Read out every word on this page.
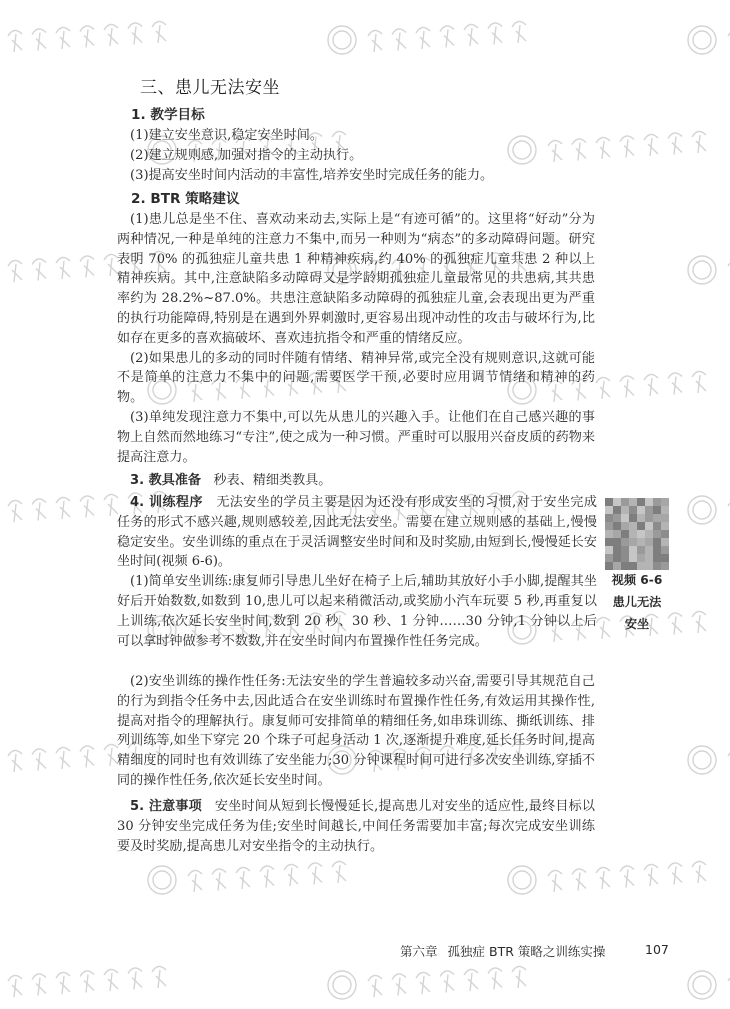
三、患儿无法安坐
1. 教学目标

(1)建立安坐意识,稳定安坐时间。

(2)建立规则感,加强对指令的主动执行。

(3)提高安坐时间内活动的丰富性,培养安坐时完成任务的能力。

2. BTR 策略建议

(1)患儿总是坐不住、喜欢动来动去,实际上是“有迹可循”的。这里将“好动”分为两种情况,一种是单纯的注意力不集中,而另一种则为“病态”的多动障碍问题。研究表明 70% 的孤独症儿童共患 1 种精神疾病,约 40% 的孤独症儿童共患 2 种以上精神疾病。其中,注意缺陷多动障碍又是学龄期孤独症儿童最常见的共患病,其共患率约为 28.2%~87.0%。共患注意缺陷多动障碍的孤独症儿童,会表现出更为严重的执行功能障碍,特别是在遇到外界刺激时,更容易出现冲动性的攻击与破坏行为,比如存在更多的喜欢搞破坏、喜欢违抗指令和严重的情绪反应。

(2)如果患儿的多动的同时伴随有情绪、精神异常,或完全没有规则意识,这就可能不是简单的注意力不集中的问题,需要医学干预,必要时应用调节情绪和精神的药物。

(3)单纯发现注意力不集中,可以先从患儿的兴趣入手。让他们在自己感兴趣的事物上自然而然地练习“专注”,使之成为一种习惯。严重时可以服用兴奋皮质的药物来提高注意力。

3. 教具准备 秒表、精细类教具。

4. 训练程序 无法安坐的学员主要是因为还没有形成安坐的习惯,对于安坐完成任务的形式不感兴趣,规则感较差,因此无法安坐。需要在建立规则感的基础上,慢慢稳定安坐。安坐训练的重点在于灵活调整安坐时间和及时奖励,由短到长,慢慢延长安坐时间(视频 6-6)。

(1)简单安坐训练:康复师引导患儿坐好在椅子上后,辅助其放好小手小脚,提醒其坐好后开始数数,如数到 10,患儿可以起来稍微活动,或奖励小汽车玩要 5 秒,再重复以上训练,依次延长安坐时间,数到 20 秒、30 秒、1 分钟……30 分钟,1 分钟以上后可以拿时钟做参考不数数,并在安坐时间内布置操作性任务完成。

(2)安坐训练的操作性任务:无法安坐的学生普遍较多动兴奋,需要引导其规范自己的行为到指令任务中去,因此适合在安坐训练时布置操作性任务,有效运用其操作性,提高对指令的理解执行。康复师可安排简单的精细任务,如串珠训练、撕纸训练、排列训练等,如坐下穿完 20 个珠子可起身活动 1 次,逐渐提升难度,延长任务时间,提高精细度的同时也有效训练了安坐能力;30 分钟课程时间可进行多次安坐训练,穿插不同的操作性任务,依次延长安坐时间。

5. 注意事项 安坐时间从短到长慢慢延长,提高患儿对安坐的适应性,最终目标以 30 分钟安坐完成任务为佳;安坐时间越长,中间任务需要加丰富;每次完成安坐训练要及时奖励,提高患儿对安坐指令的主动执行。

视频 6-6
患儿无法
安坐
第六章 孤独症 BTR 策略之训练实操	107
